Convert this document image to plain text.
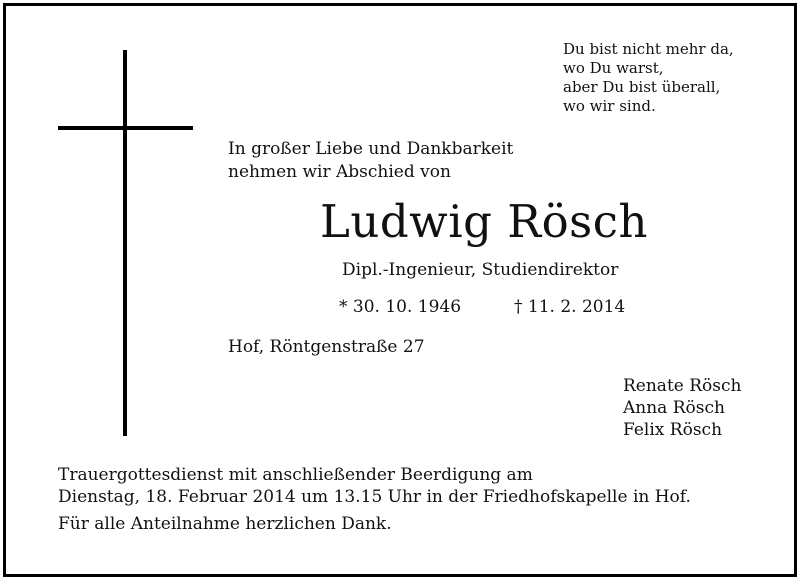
Du bist nicht mehr da,
wo Du warst,
aber Du bist überall,
wo wir sind.
In großer Liebe und Dankbarkeit
nehmen wir Abschied von
Ludwig Rösch
Dipl.-Ingenieur, Studiendirektor
* 30. 10. 1946	† 11. 2. 2014
Hof, Röntgenstraße 27
Renate Rösch
Anna Rösch
Felix Rösch
Trauergottesdienst mit anschließender Beerdigung am
Dienstag, 18. Februar 2014 um 13.15 Uhr in der Friedhofskapelle in Hof.
Für alle Anteilnahme herzlichen Dank.
